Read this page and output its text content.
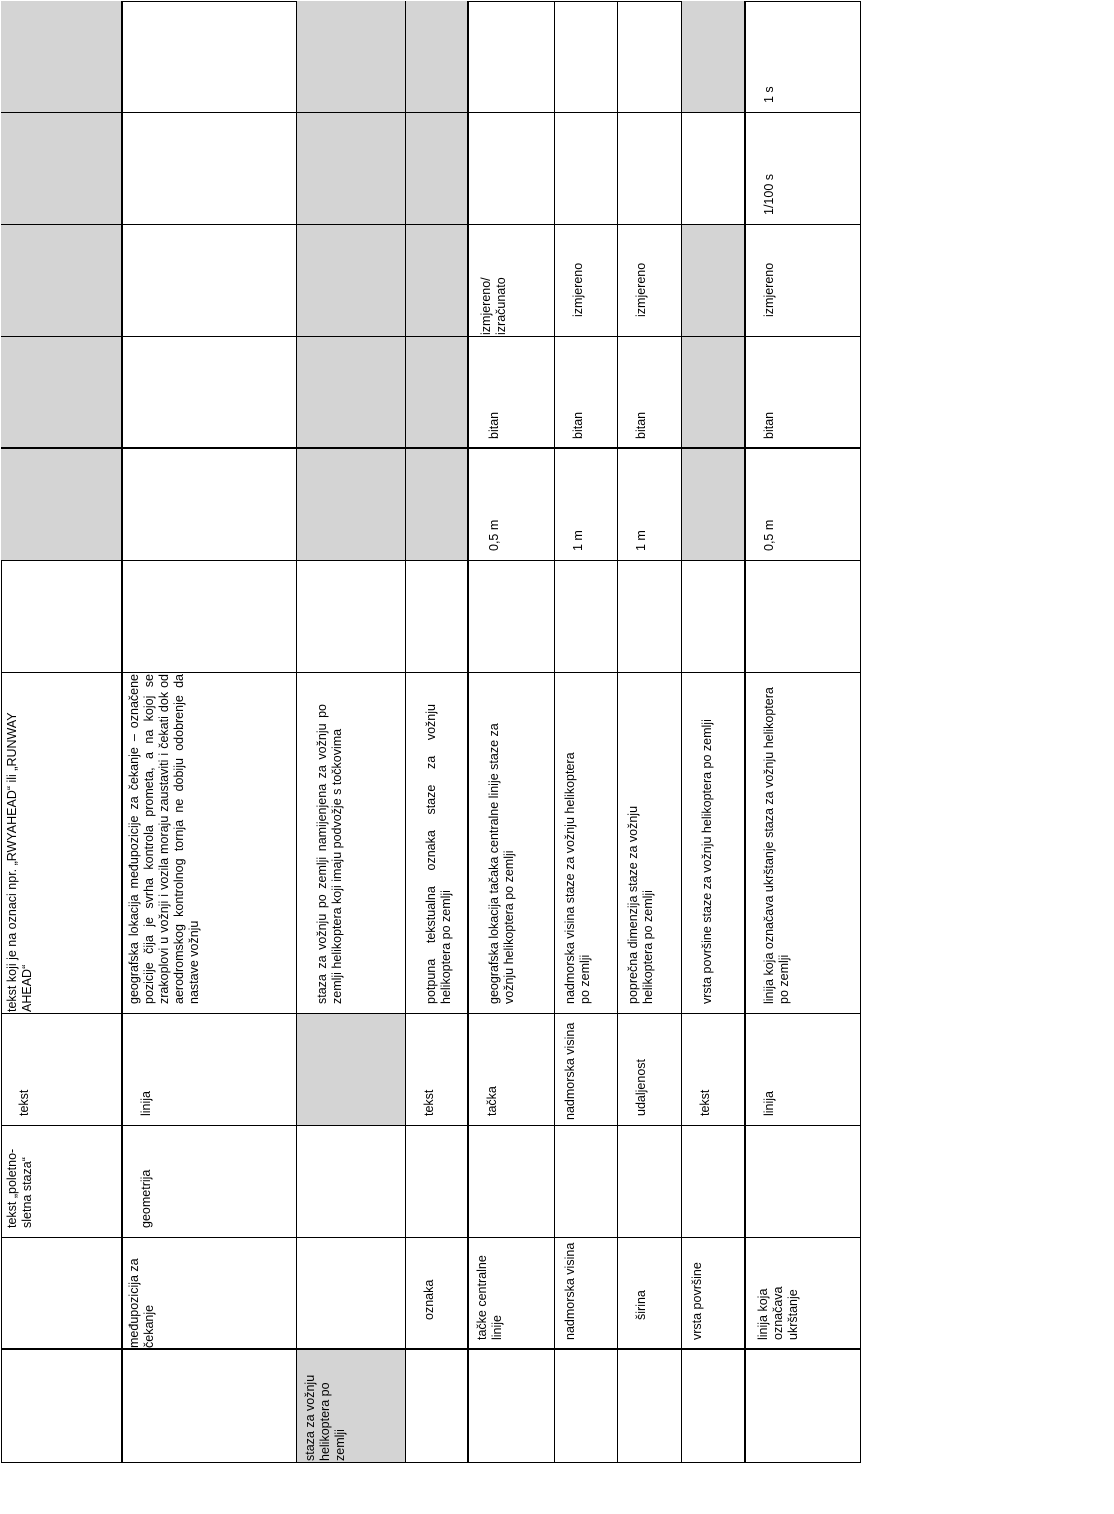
tekst koji je na oznaci npr. „RWYAHEAD“ ili „RUNWAY AHEAD“
tekst
tekst „poletno-sletna staza“
geografska lokacija međupozicije za čekanje – označene pozicije čija je svrha kontrola prometa, a na kojoj se zrakoplovi u vožnji i vozila moraju zaustaviti i čekati dok od aerodromskog kontrolnog tornja ne dobiju odobrenje da nastave vožnju
linija
geometrija
međupozicija za čekanje
staza za vožnju po zemlji namijenjena za vožnju po zemlji helikoptera koji imaju podvožje s točkovima
staza za vožnju helikoptera po zemlji
potpuna tekstualna oznaka staze za vožnju helikoptera po zemlji
tekst
oznaka
izmjereno/ izračunato
bitan
0,5 m
geografska lokacija tačaka centralne linije staze za vožnju helikoptera po zemlji
tačka
tačke centralne linije
izmjereno
bitan
1 m
nadmorska visina staze za vožnju helikoptera po zemlji
nadmorska visina
nadmorska visina
izmjereno
bitan
1 m
poprečna dimenzija staze za vožnju helikoptera po zemlji
udaljenost
širina
vrsta površine staze za vožnju helikoptera po zemlji
tekst
vrsta površine
1 s
1/100 s
izmjereno
bitan
0,5 m
linija koja označava ukrštanje staza za vožnju helikoptera po zemlji
linija
linija koja označava ukrštanje
